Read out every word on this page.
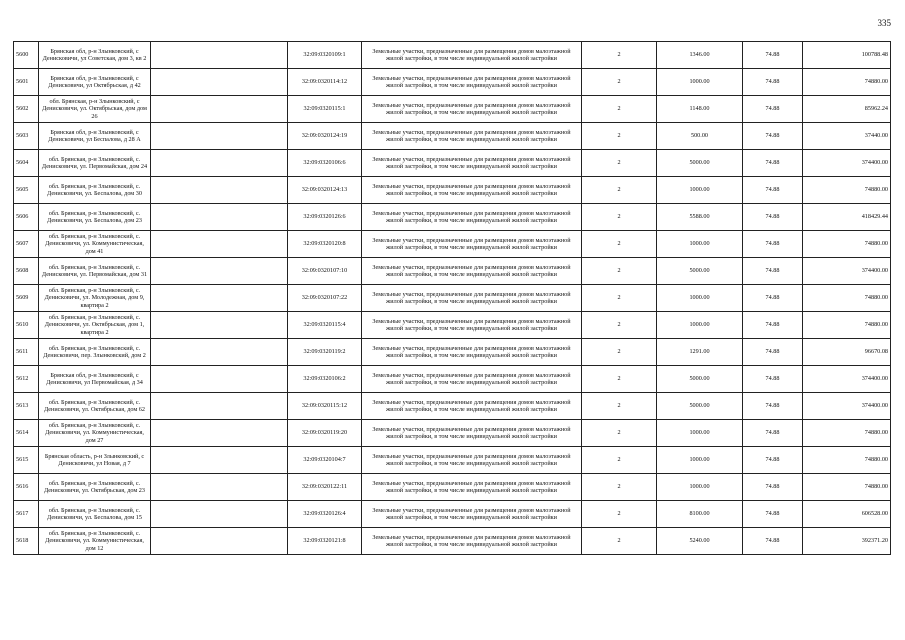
335
5600	Брянская обл, р-н Злынковский, с Денисковичи, ул Советская, дом 3, кв 2		32:09:0320109:1	Земельные участки, предназначенные для размещения домов малоэтажной жилой застройки, в том числе индивидуальной жилой застройки	2	1346.00	74.88	100788.48
5601	Брянская обл, р-н Злынковский, с Денисковичи, ул Октябрьская, д 42		32:09:0320114:12	Земельные участки, предназначенные для размещения домов малоэтажной жилой застройки, в том числе индивидуальной жилой застройки	2	1000.00	74.88	74880.00
5602	обл. Брянская, р-н Злынковский, с Денисковичи, ул. Октябрьская, дом дом 26		32:09:0320115:1	Земельные участки, предназначенные для размещения домов малоэтажной жилой застройки, в том числе индивидуальной жилой застройки	2	1148.00	74.88	85962.24
5603	Брянская обл, р-н Злынковский, с Денисковичи, ул Беспалова, д 28 А		32:09:0320124:19	Земельные участки, предназначенные для размещения домов малоэтажной жилой застройки, в том числе индивидуальной жилой застройки	2	500.00	74.88	37440.00
5604	обл. Брянская, р-н Злынковский, с. Денисковичи, ул. Первомайская, дом 24		32:09:0320106:6	Земельные участки, предназначенные для размещения домов малоэтажной жилой застройки, в том числе индивидуальной жилой застройки	2	5000.00	74.88	374400.00
5605	обл. Брянская, р-н Злынковский, с. Денисковичи, ул. Беспалова, дом 30		32:09:0320124:13	Земельные участки, предназначенные для размещения домов малоэтажной жилой застройки, в том числе индивидуальной жилой застройки	2	1000.00	74.88	74880.00
5606	обл. Брянская, р-н Злынковский, с. Денисковичи, ул. Беспалова, дом 23		32:09:0320126:6	Земельные участки, предназначенные для размещения домов малоэтажной жилой застройки, в том числе индивидуальной жилой застройки	2	5588.00	74.88	418429.44
5607	обл. Брянская, р-н Злынковский, с. Денисковичи, ул. Коммунистическая, дом 41		32:09:0320120:8	Земельные участки, предназначенные для размещения домов малоэтажной жилой застройки, в том числе индивидуальной жилой застройки	2	1000.00	74.88	74880.00
5608	обл. Брянская, р-н Злынковский, с. Денисковичи, ул. Первомайская, дом 31		32:09:0320107:10	Земельные участки, предназначенные для размещения домов малоэтажной жилой застройки, в том числе индивидуальной жилой застройки	2	5000.00	74.88	374400.00
5609	обл. Брянская, р-н Злынковский, с. Денисковичи, ул. Молодежная, дом 9, квартира 2		32:09:0320107:22	Земельные участки, предназначенные для размещения домов малоэтажной жилой застройки, в том числе индивидуальной жилой застройки	2	1000.00	74.88	74880.00
5610	обл. Брянская, р-н Злынковский, с. Денисковичи, ул. Октябрьская, дом 1, квартира 2		32:09:0320115:4	Земельные участки, предназначенные для размещения домов малоэтажной жилой застройки, в том числе индивидуальной жилой застройки	2	1000.00	74.88	74880.00
5611	обл. Брянская, р-н Злынковский, с. Денисковичи, пер. Злынковский, дом 2		32:09:0320119:2	Земельные участки, предназначенные для размещения домов малоэтажной жилой застройки, в том числе индивидуальной жилой застройки	2	1291.00	74.88	96670.08
5612	Брянская обл, р-н Злынковский, с Денисковичи, ул Первомайская, д 34		32:09:0320106:2	Земельные участки, предназначенные для размещения домов малоэтажной жилой застройки, в том числе индивидуальной жилой застройки	2	5000.00	74.88	374400.00
5613	обл. Брянская, р-н Злынковский, с. Денисковичи, ул. Октябрьская, дом 62		32:09:0320115:12	Земельные участки, предназначенные для размещения домов малоэтажной жилой застройки, в том числе индивидуальной жилой застройки	2	5000.00	74.88	374400.00
5614	обл. Брянская, р-н Злынковский, с. Денисковичи, ул. Коммунистическая, дом 27		32:09:0320119:20	Земельные участки, предназначенные для размещения домов малоэтажной жилой застройки, в том числе индивидуальной жилой застройки	2	1000.00	74.88	74880.00
5615	Брянская область, р-н Злынковский, с Денисковичи, ул Новая, д 7		32:09:0320104:7	Земельные участки, предназначенные для размещения домов малоэтажной жилой застройки, в том числе индивидуальной жилой застройки	2	1000.00	74.88	74880.00
5616	обл. Брянская, р-н Злынковский, с. Денисковичи, ул. Октябрьская, дом 23		32:09:0320122:11	Земельные участки, предназначенные для размещения домов малоэтажной жилой застройки, в том числе индивидуальной жилой застройки	2	1000.00	74.88	74880.00
5617	обл. Брянская, р-н Злынковский, с. Денисковичи, ул. Беспалова, дом 15		32:09:0320126:4	Земельные участки, предназначенные для размещения домов малоэтажной жилой застройки, в том числе индивидуальной жилой застройки	2	8100.00	74.88	606528.00
5618	обл. Брянская, р-н Злынковский, с. Денисковичи, ул. Коммунистическая, дом 12		32:09:0320121:8	Земельные участки, предназначенные для размещения домов малоэтажной жилой застройки, в том числе индивидуальной жилой застройки	2	5240.00	74.88	392371.20
